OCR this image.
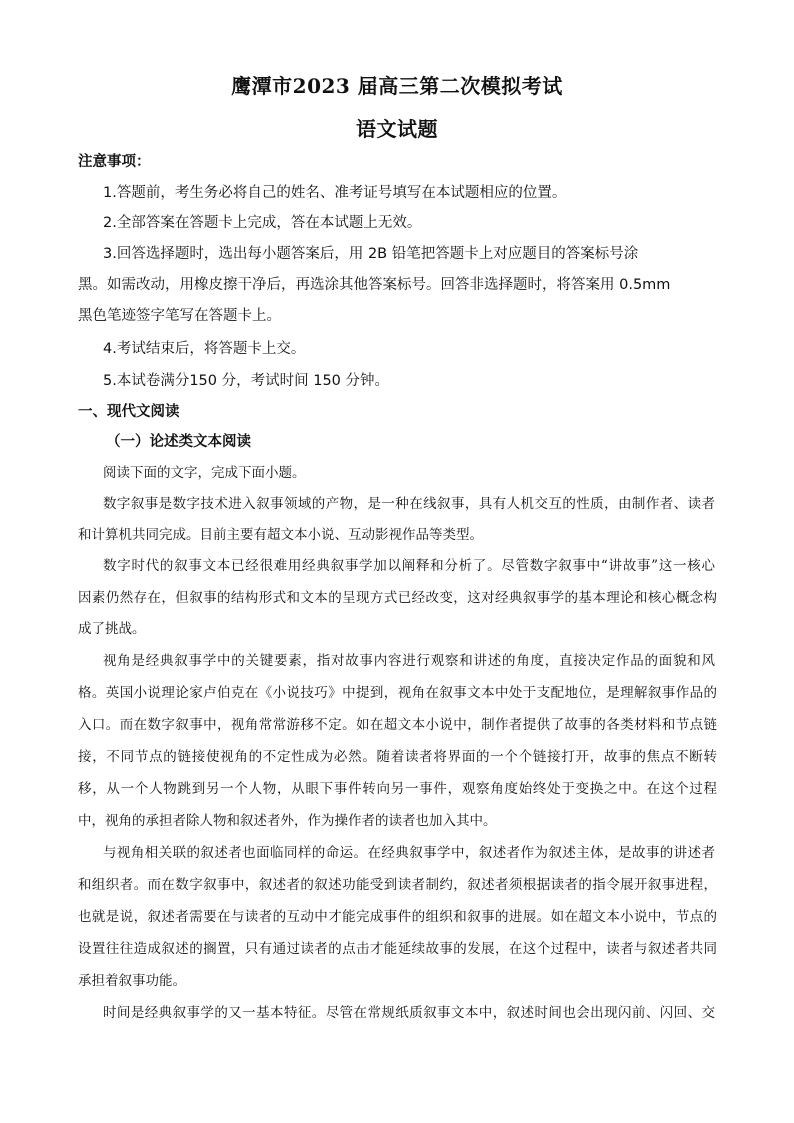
鹰潭市2023 届高三第二次模拟考试
语文试题
注意事项：
1.答题前，考生务必将自己的姓名、准考证号填写在本试题相应的位置。
2.全部答案在答题卡上完成，答在本试题上无效。
3.回答选择题时，选出每小题答案后，用 2B 铅笔把答题卡上对应题目的答案标号涂
黑。如需改动，用橡皮擦干净后，再选涂其他答案标号。回答非选择题时，将答案用 0.5mm
黑色笔迹签字笔写在答题卡上。
4.考试结束后，将答题卡上交。
5.本试卷满分150 分，考试时间 150 分钟。
一、现代文阅读
（一）论述类文本阅读
阅读下面的文字，完成下面小题。
数字叙事是数字技术进入叙事领域的产物，是一种在线叙事，具有人机交互的性质，由制作者、读者
和计算机共同完成。目前主要有超文本小说、互动影视作品等类型。
数字时代的叙事文本已经很难用经典叙事学加以阐释和分析了。尽管数字叙事中“讲故事”这一核心
因素仍然存在，但叙事的结构形式和文本的呈现方式已经改变，这对经典叙事学的基本理论和核心概念构
成了挑战。
视角是经典叙事学中的关键要素，指对故事内容进行观察和讲述的角度，直接决定作品的面貌和风
格。英国小说理论家卢伯克在《小说技巧》中提到，视角在叙事文本中处于支配地位，是理解叙事作品的
入口。而在数字叙事中，视角常常游移不定。如在超文本小说中，制作者提供了故事的各类材料和节点链
接，不同节点的链接使视角的不定性成为必然。随着读者将界面的一个个链接打开，故事的焦点不断转
移，从一个人物跳到另一个人物，从眼下事件转向另一事件，观察角度始终处于变换之中。在这个过程
中，视角的承担者除人物和叙述者外，作为操作者的读者也加入其中。
与视角相关联的叙述者也面临同样的命运。在经典叙事学中，叙述者作为叙述主体，是故事的讲述者
和组织者。而在数字叙事中，叙述者的叙述功能受到读者制约，叙述者须根据读者的指令展开叙事进程，
也就是说，叙述者需要在与读者的互动中才能完成事件的组织和叙事的进展。如在超文本小说中，节点的
设置往往造成叙述的搁置，只有通过读者的点击才能延续故事的发展，在这个过程中，读者与叙述者共同
承担着叙事功能。
时间是经典叙事学的又一基本特征。尽管在常规纸质叙事文本中，叙述时间也会出现闪前、闪回、交
